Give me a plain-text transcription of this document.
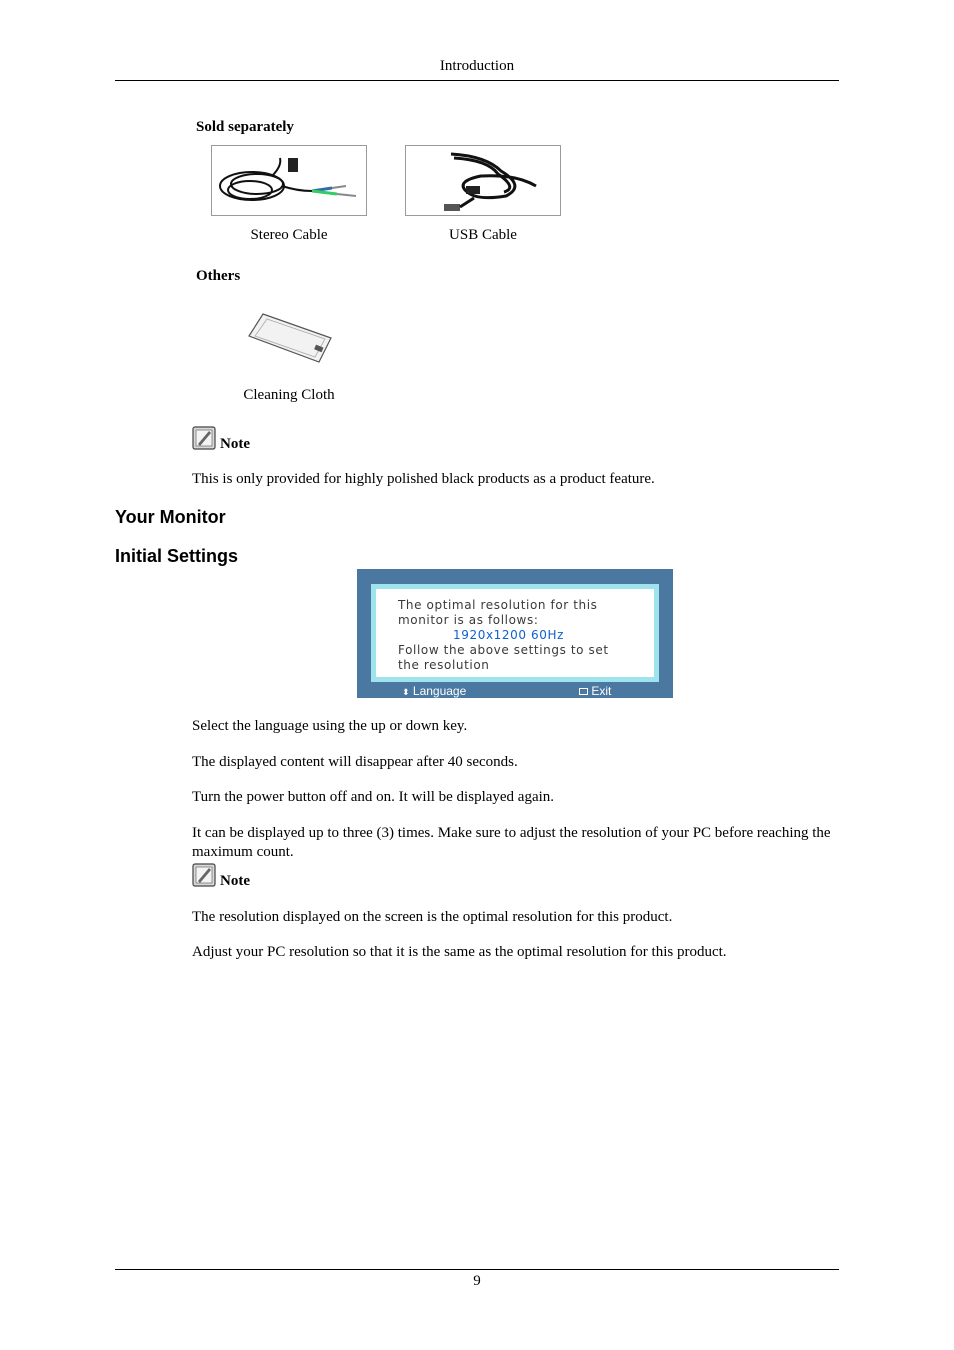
Introduction
Sold separately
Stereo Cable	USB Cable
Others
Cleaning Cloth
Note
This is only provided for highly polished black products as a product feature.
Your Monitor
Initial Settings
The optimal resolution for this
monitor is as follows:
1920x1200 60Hz
Follow the above settings to set
the resolution
⬍ Language	Exit
Select the language using the up or down key.
The displayed content will disappear after 40 seconds.
Turn the power button off and on. It will be displayed again.
It can be displayed up to three (3) times. Make sure to adjust the resolution of your PC before reaching the maximum count.
Note
The resolution displayed on the screen is the optimal resolution for this product.
Adjust your PC resolution so that it is the same as the optimal resolution for this product.
9
